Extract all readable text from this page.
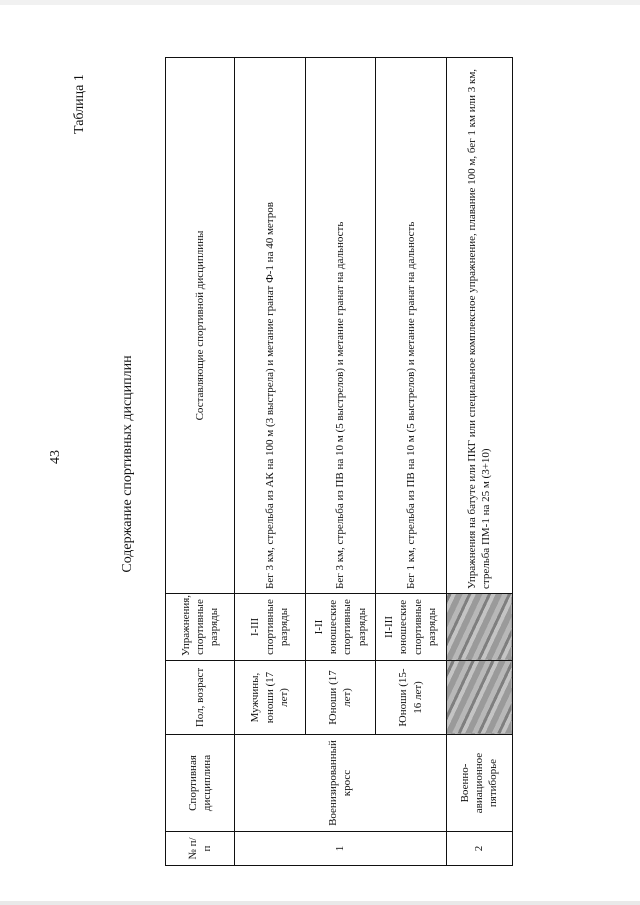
43
Таблица 1
Содержание спортивных дисциплин
№ п/п	Спортивная дисциплина	Пол, возраст	Упражнения, спортивные разряды	Составляющие спортивной дисциплины
1	Военизированный кросс	Мужчины, юноши (17 лет)	I-III спортивные разряды	Бег 3 км, стрельба из АК на 100 м (3 выстрела) и метание гранат Ф-1 на 40 метров
		Юноши (17 лет)	I-II юношеские спортивные разряды	Бег 3 км, стрельба из ПВ на 10 м (5 выстрелов) и метание гранат на дальность
		Юноши (15-16 лет)	II-III юношеские спортивные разряды	Бег 1 км, стрельба из ПВ на 10 м (5 выстрелов) и метание гранат на дальность
2	Военно-авиационное пятиборье			Упражнения на батуте или ПКГ или специальное комплексное упражнение, плавание 100 м, бег 1 км или 3 км, стрельба ПМ-1 на 25 м (3+10)
